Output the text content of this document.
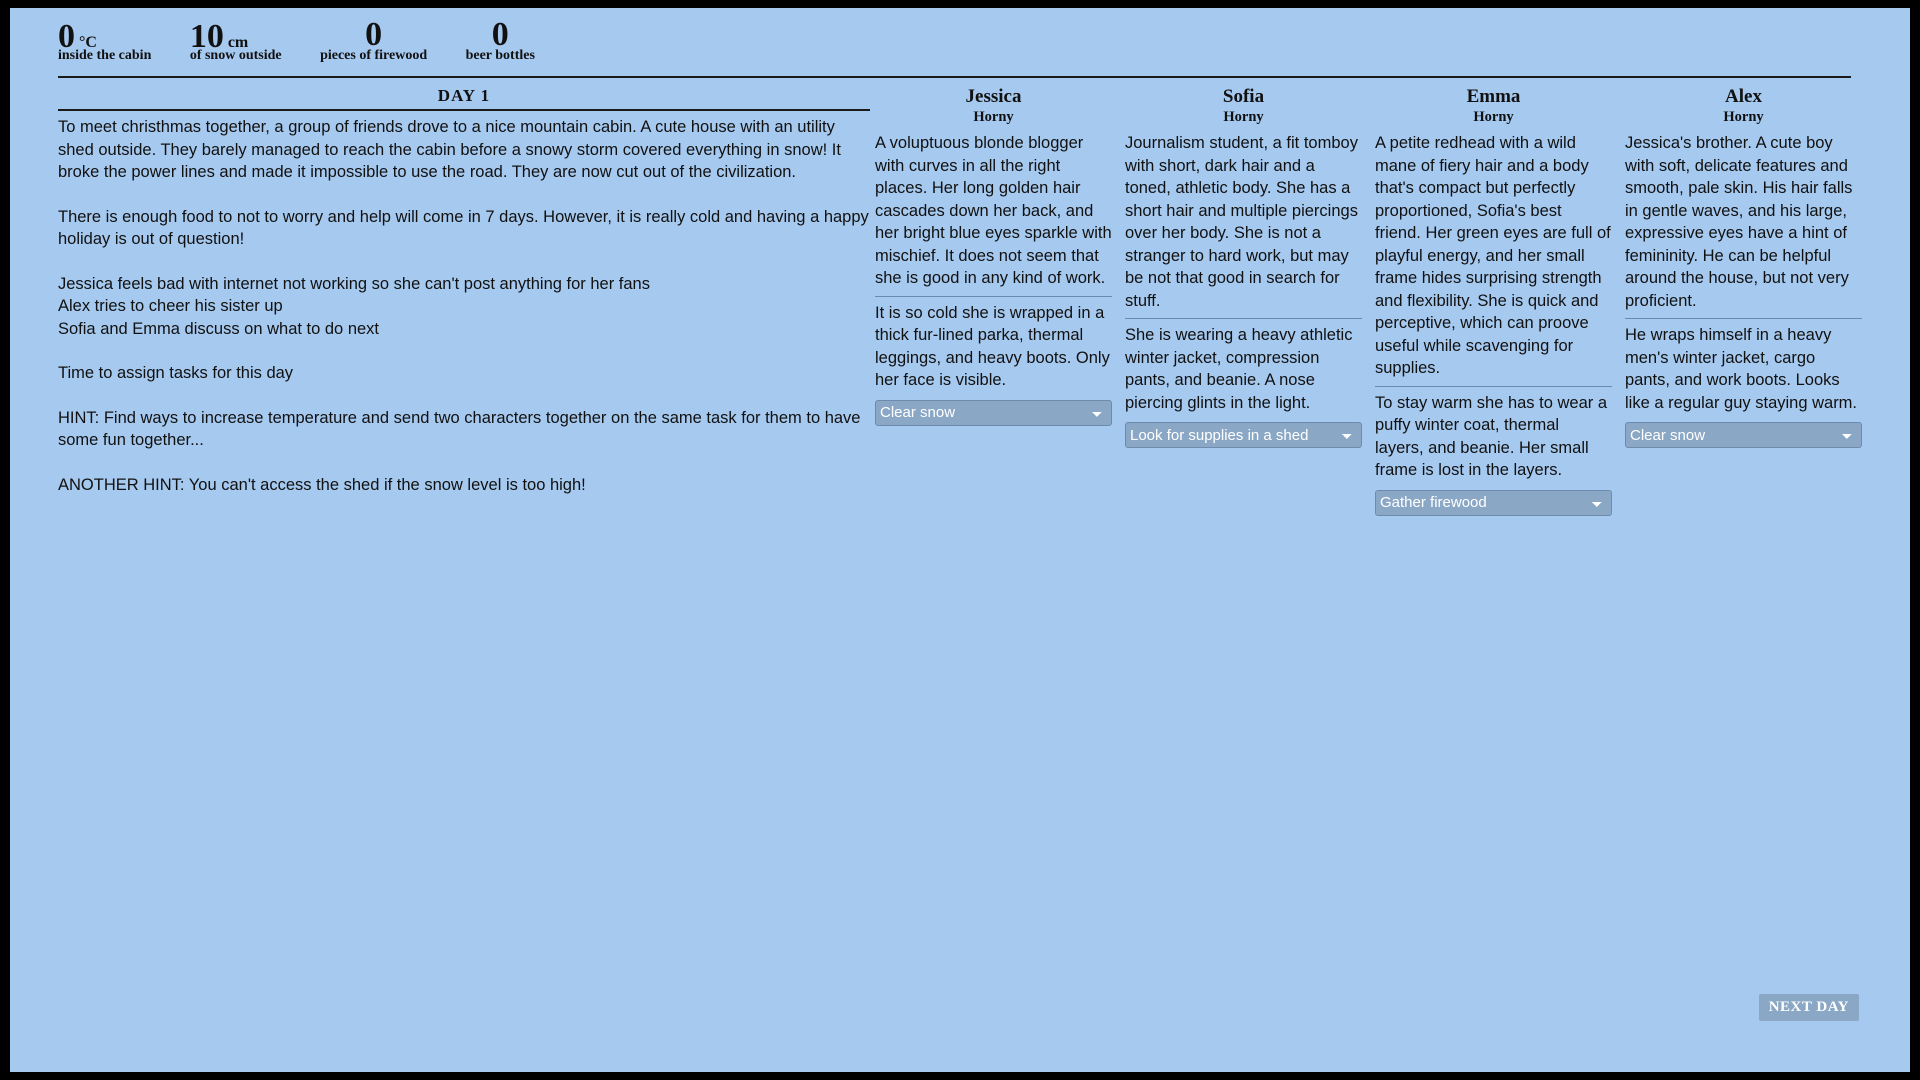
0 °C
inside the cabin
10 cm
of snow outside

0
pieces of firewood

0
beer bottles
DAY 1

To meet christhmas together, a group of friends drove to a nice mountain cabin. A cute house with an utility shed outside. They barely managed to reach the cabin before a snowy storm covered everything in snow! It broke the power lines and made it impossible to use the road. They are now cut out of the civilization.

There is enough food to not to worry and help will come in 7 days. However, it is really cold and having a happy holiday is out of question!

Jessica feels bad with internet not working so she can't post anything for her fans

Alex tries to cheer his sister up

Sofia and Emma discuss on what to do next

Time to assign tasks for this day

HINT: Find ways to increase temperature and send two characters together on the same task for them to have some fun together...

ANOTHER HINT: You can't access the shed if the snow level is too high!

Jessica
Horny
A voluptuous blonde blogger with curves in all the right places. Her long golden hair cascades down her back, and her bright blue eyes sparkle with mischief. It does not seem that she is good in any kind of work.
It is so cold she is wrapped in a thick fur-lined parka, thermal leggings, and heavy boots. Only her face is visible.
Clear snow
Sofia
Horny
Journalism student, a fit tomboy with short, dark hair and a toned, athletic body. She has a short hair and multiple piercings over her body. She is not a stranger to hard work, but may be not that good in search for stuff.
She is wearing a heavy athletic winter jacket, compression pants, and beanie. A nose piercing glints in the light.
Look for supplies in a shed
Emma
Horny
A petite redhead with a wild mane of fiery hair and a body that's compact but perfectly proportioned, Sofia's best friend. Her green eyes are full of playful energy, and her small frame hides surprising strength and flexibility. She is quick and perceptive, which can proove useful while scavenging for supplies.
To stay warm she has to wear a puffy winter coat, thermal layers, and beanie. Her small frame is lost in the layers.
Gather firewood
Alex
Horny
Jessica's brother. A cute boy with soft, delicate features and smooth, pale skin. His hair falls in gentle waves, and his large, expressive eyes have a hint of femininity. He can be helpful around the house, but not very proficient.
He wraps himself in a heavy men's winter jacket, cargo pants, and work boots. Looks like a regular guy staying warm.
Clear snow
NEXT DAY
